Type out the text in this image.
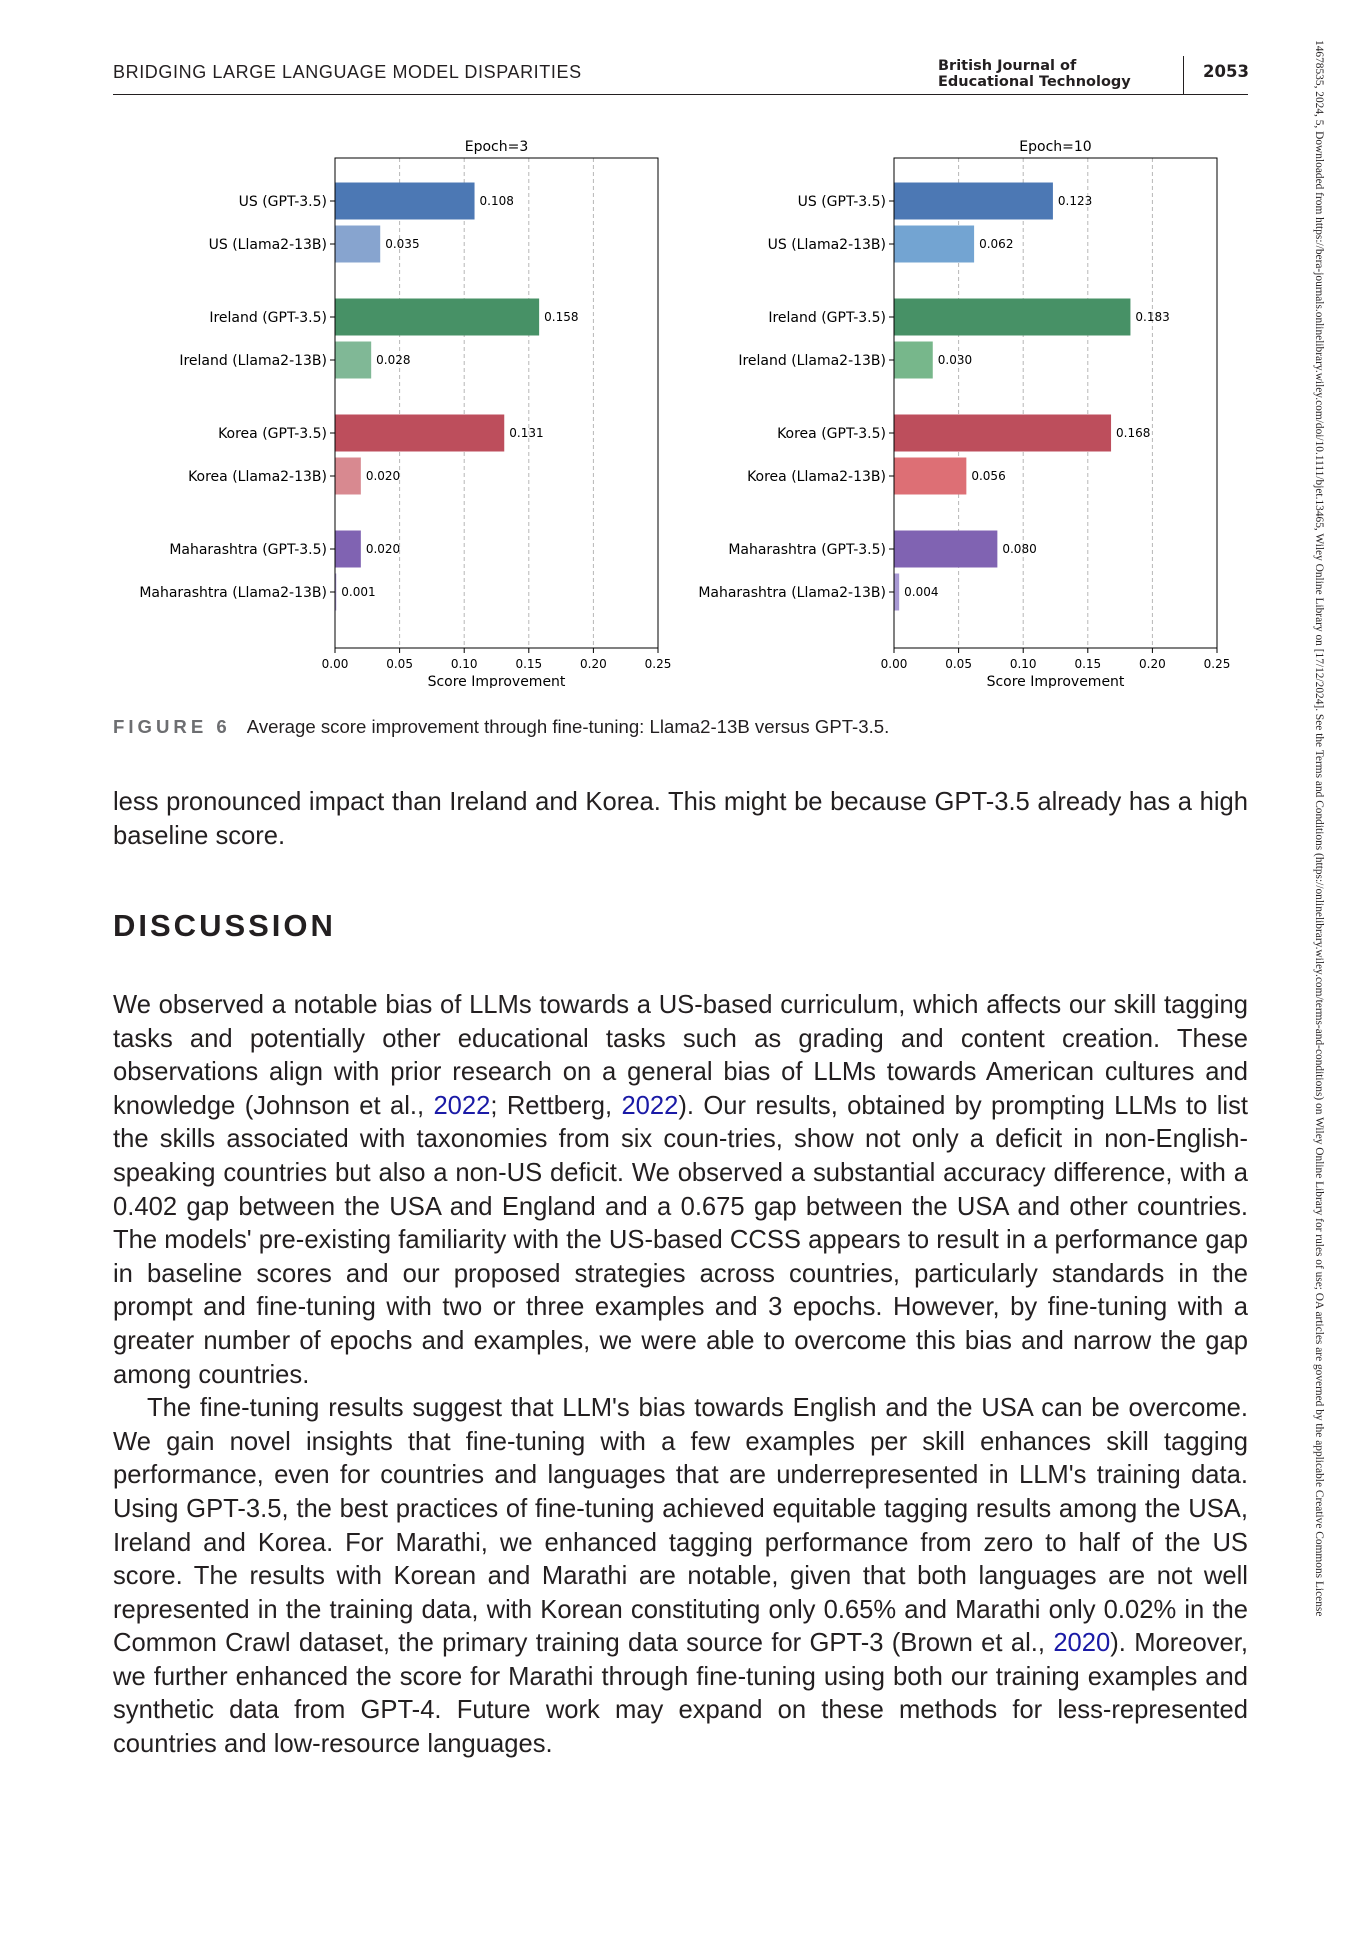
BRIDGING LARGE LANGUAGE MODEL DISPARITIES	British Journal of
Educational Technology
2053	14678535, 2024, 5, Downloaded from https://bera-journals.onlinelibrary.wiley.com/doi/10.1111/bjet.13465, Wiley Online Library on [17/12/2024]. See the Terms and Conditions (https://onlinelibrary.wiley.com/terms-and-conditions) on Wiley Online Library for rules of use; OA articles are governed by the applicable Creative Commons License
Epoch=3
0.00	0.05	0.10	0.15	0.20	0.25
0.108
US (GPT-3.5)
0.035
US (Llama2-13B)
0.158
Ireland (GPT-3.5)
0.028
Ireland (Llama2-13B)
0.131
Korea (GPT-3.5)
0.020
Korea (Llama2-13B)
0.020
Maharashtra (GPT-3.5)
0.001
Maharashtra (Llama2-13B)
Score Improvement
Epoch=10
0.00	0.05	0.10	0.15	0.20	0.25
0.123
US (GPT-3.5)
0.062
US (Llama2-13B)
0.183
Ireland (GPT-3.5)
0.030
Ireland (Llama2-13B)
0.168
Korea (GPT-3.5)
0.056
Korea (Llama2-13B)
0.080
Maharashtra (GPT-3.5)
0.004
Maharashtra (Llama2-13B)
Score Improvement
FIGURE 6 Average score improvement through fine-tuning: Llama2-13B versus GPT-3.5.

less pronounced impact than Ireland and Korea. This might be because GPT-3.5 already has a high baseline score.

DISCUSSION

We observed a notable bias of LLMs towards a US-based curriculum, which affects our skill tagging tasks and potentially other educational tasks such as grading and content creation. These observations align with prior research on a general bias of LLMs towards American cultures and knowledge (Johnson et al., 2022; Rettberg, 2022). Our results, obtained by prompting LLMs to list the skills associated with taxonomies from six coun-tries, show not only a deficit in non-English-speaking countries but also a non-US deficit. We observed a substantial accuracy difference, with a 0.402 gap between the USA and England and a 0.675 gap between the USA and other countries. The models' pre-existing familiarity with the US-based CCSS appears to result in a performance gap in baseline scores and our proposed strategies across countries, particularly standards in the prompt and fine-tuning with two or three examples and 3 epochs. However, by fine-tuning with a greater number of epochs and examples, we were able to overcome this bias and narrow the gap among countries.

The fine-tuning results suggest that LLM's bias towards English and the USA can be overcome. We gain novel insights that fine-tuning with a few examples per skill enhances skill tagging performance, even for countries and languages that are underrepresented in LLM's training data. Using GPT-3.5, the best practices of fine-tuning achieved equitable tagging results among the USA, Ireland and Korea. For Marathi, we enhanced tagging performance from zero to half of the US score. The results with Korean and Marathi are notable, given that both languages are not well represented in the training data, with Korean constituting only 0.65% and Marathi only 0.02% in the Common Crawl dataset, the primary training data source for GPT-3 (Brown et al., 2020). Moreover, we further enhanced the score for Marathi through fine-tuning using both our training examples and synthetic data from GPT-4. Future work may expand on these methods for less-represented countries and low-resource languages.
